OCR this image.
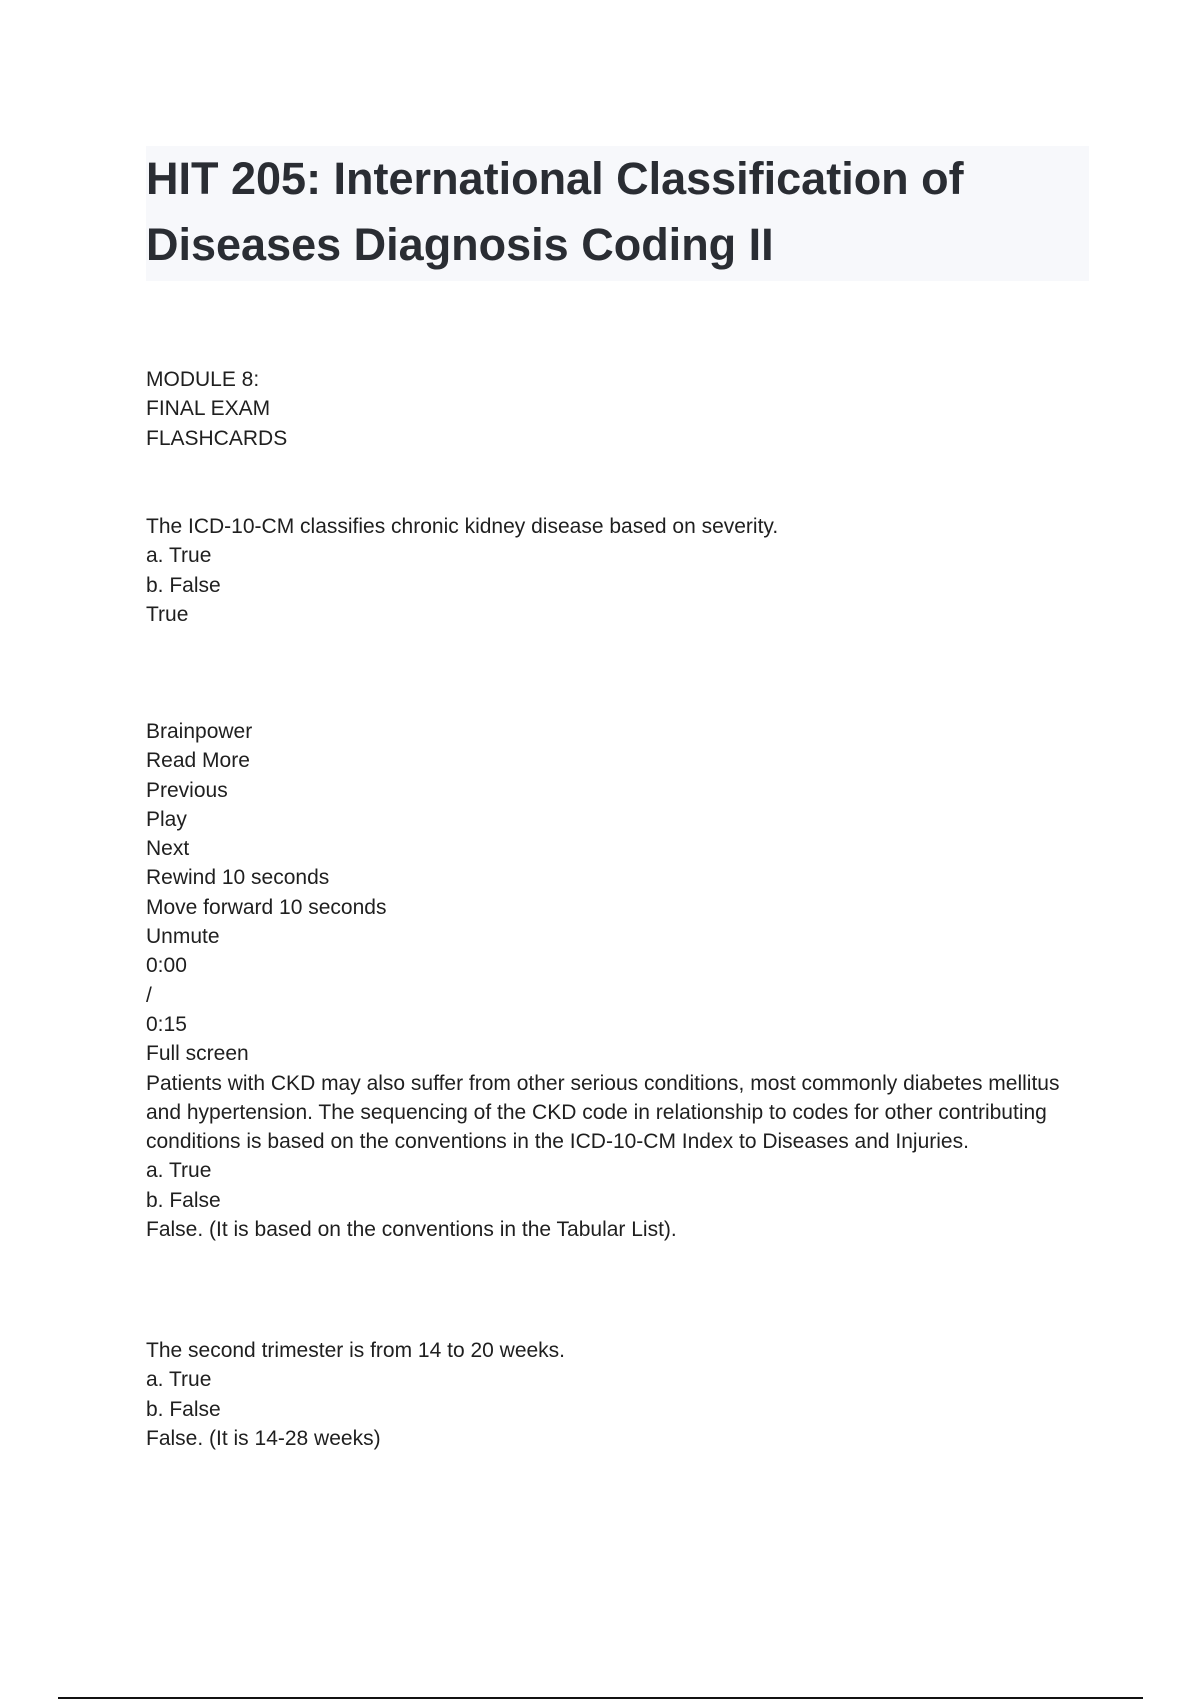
HIT 205: International Classification of
Diseases Diagnosis Coding II
MODULE 8:
FINAL EXAM
FLASHCARDS
The ICD-10-CM classifies chronic kidney disease based on severity.
a. True
b. False
True
Brainpower
Read More
Previous
Play
Next
Rewind 10 seconds
Move forward 10 seconds
Unmute
0:00
/
0:15
Full screen
Patients with CKD may also suffer from other serious conditions, most commonly diabetes mellitus and hypertension. The sequencing of the CKD code in relationship to codes for other contributing conditions is based on the conventions in the ICD-10-CM Index to Diseases and Injuries.
a. True
b. False
False. (It is based on the conventions in the Tabular List).
The second trimester is from 14 to 20 weeks.
a. True
b. False
False. (It is 14-28 weeks)
